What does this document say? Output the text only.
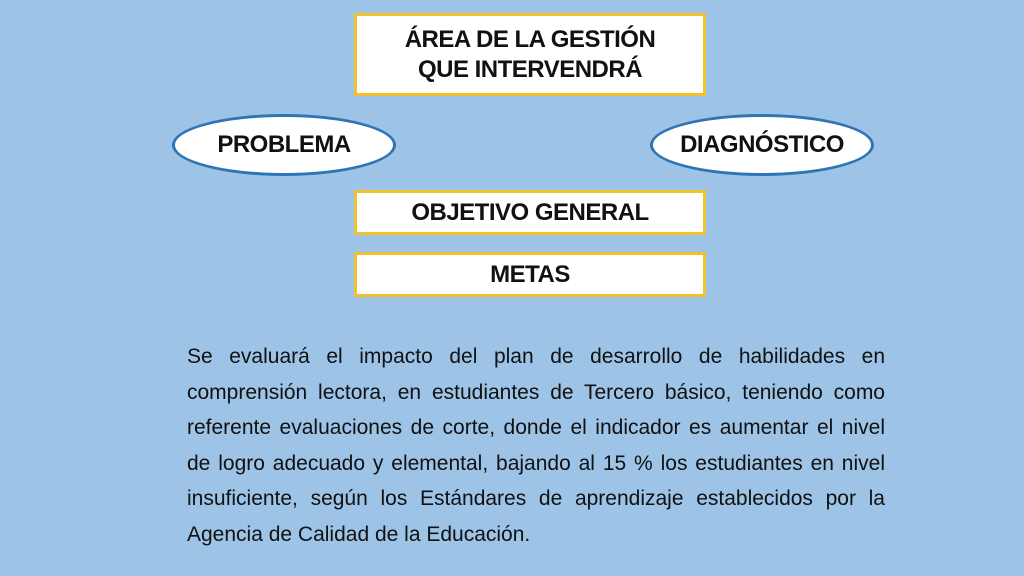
ÁREA DE LA GESTIÓN QUE INTERVENDRÁ
PROBLEMA	DIAGNÓSTICO
OBJETIVO GENERAL
METAS
Se evaluará el impacto del plan de desarrollo de habilidades en comprensión lectora, en estudiantes de Tercero básico, teniendo como referente evaluaciones de corte, donde el indicador es aumentar el nivel de logro adecuado y elemental, bajando al 15 % los estudiantes en nivel insuficiente, según los Estándares de aprendizaje establecidos por la Agencia de Calidad de la Educación.
